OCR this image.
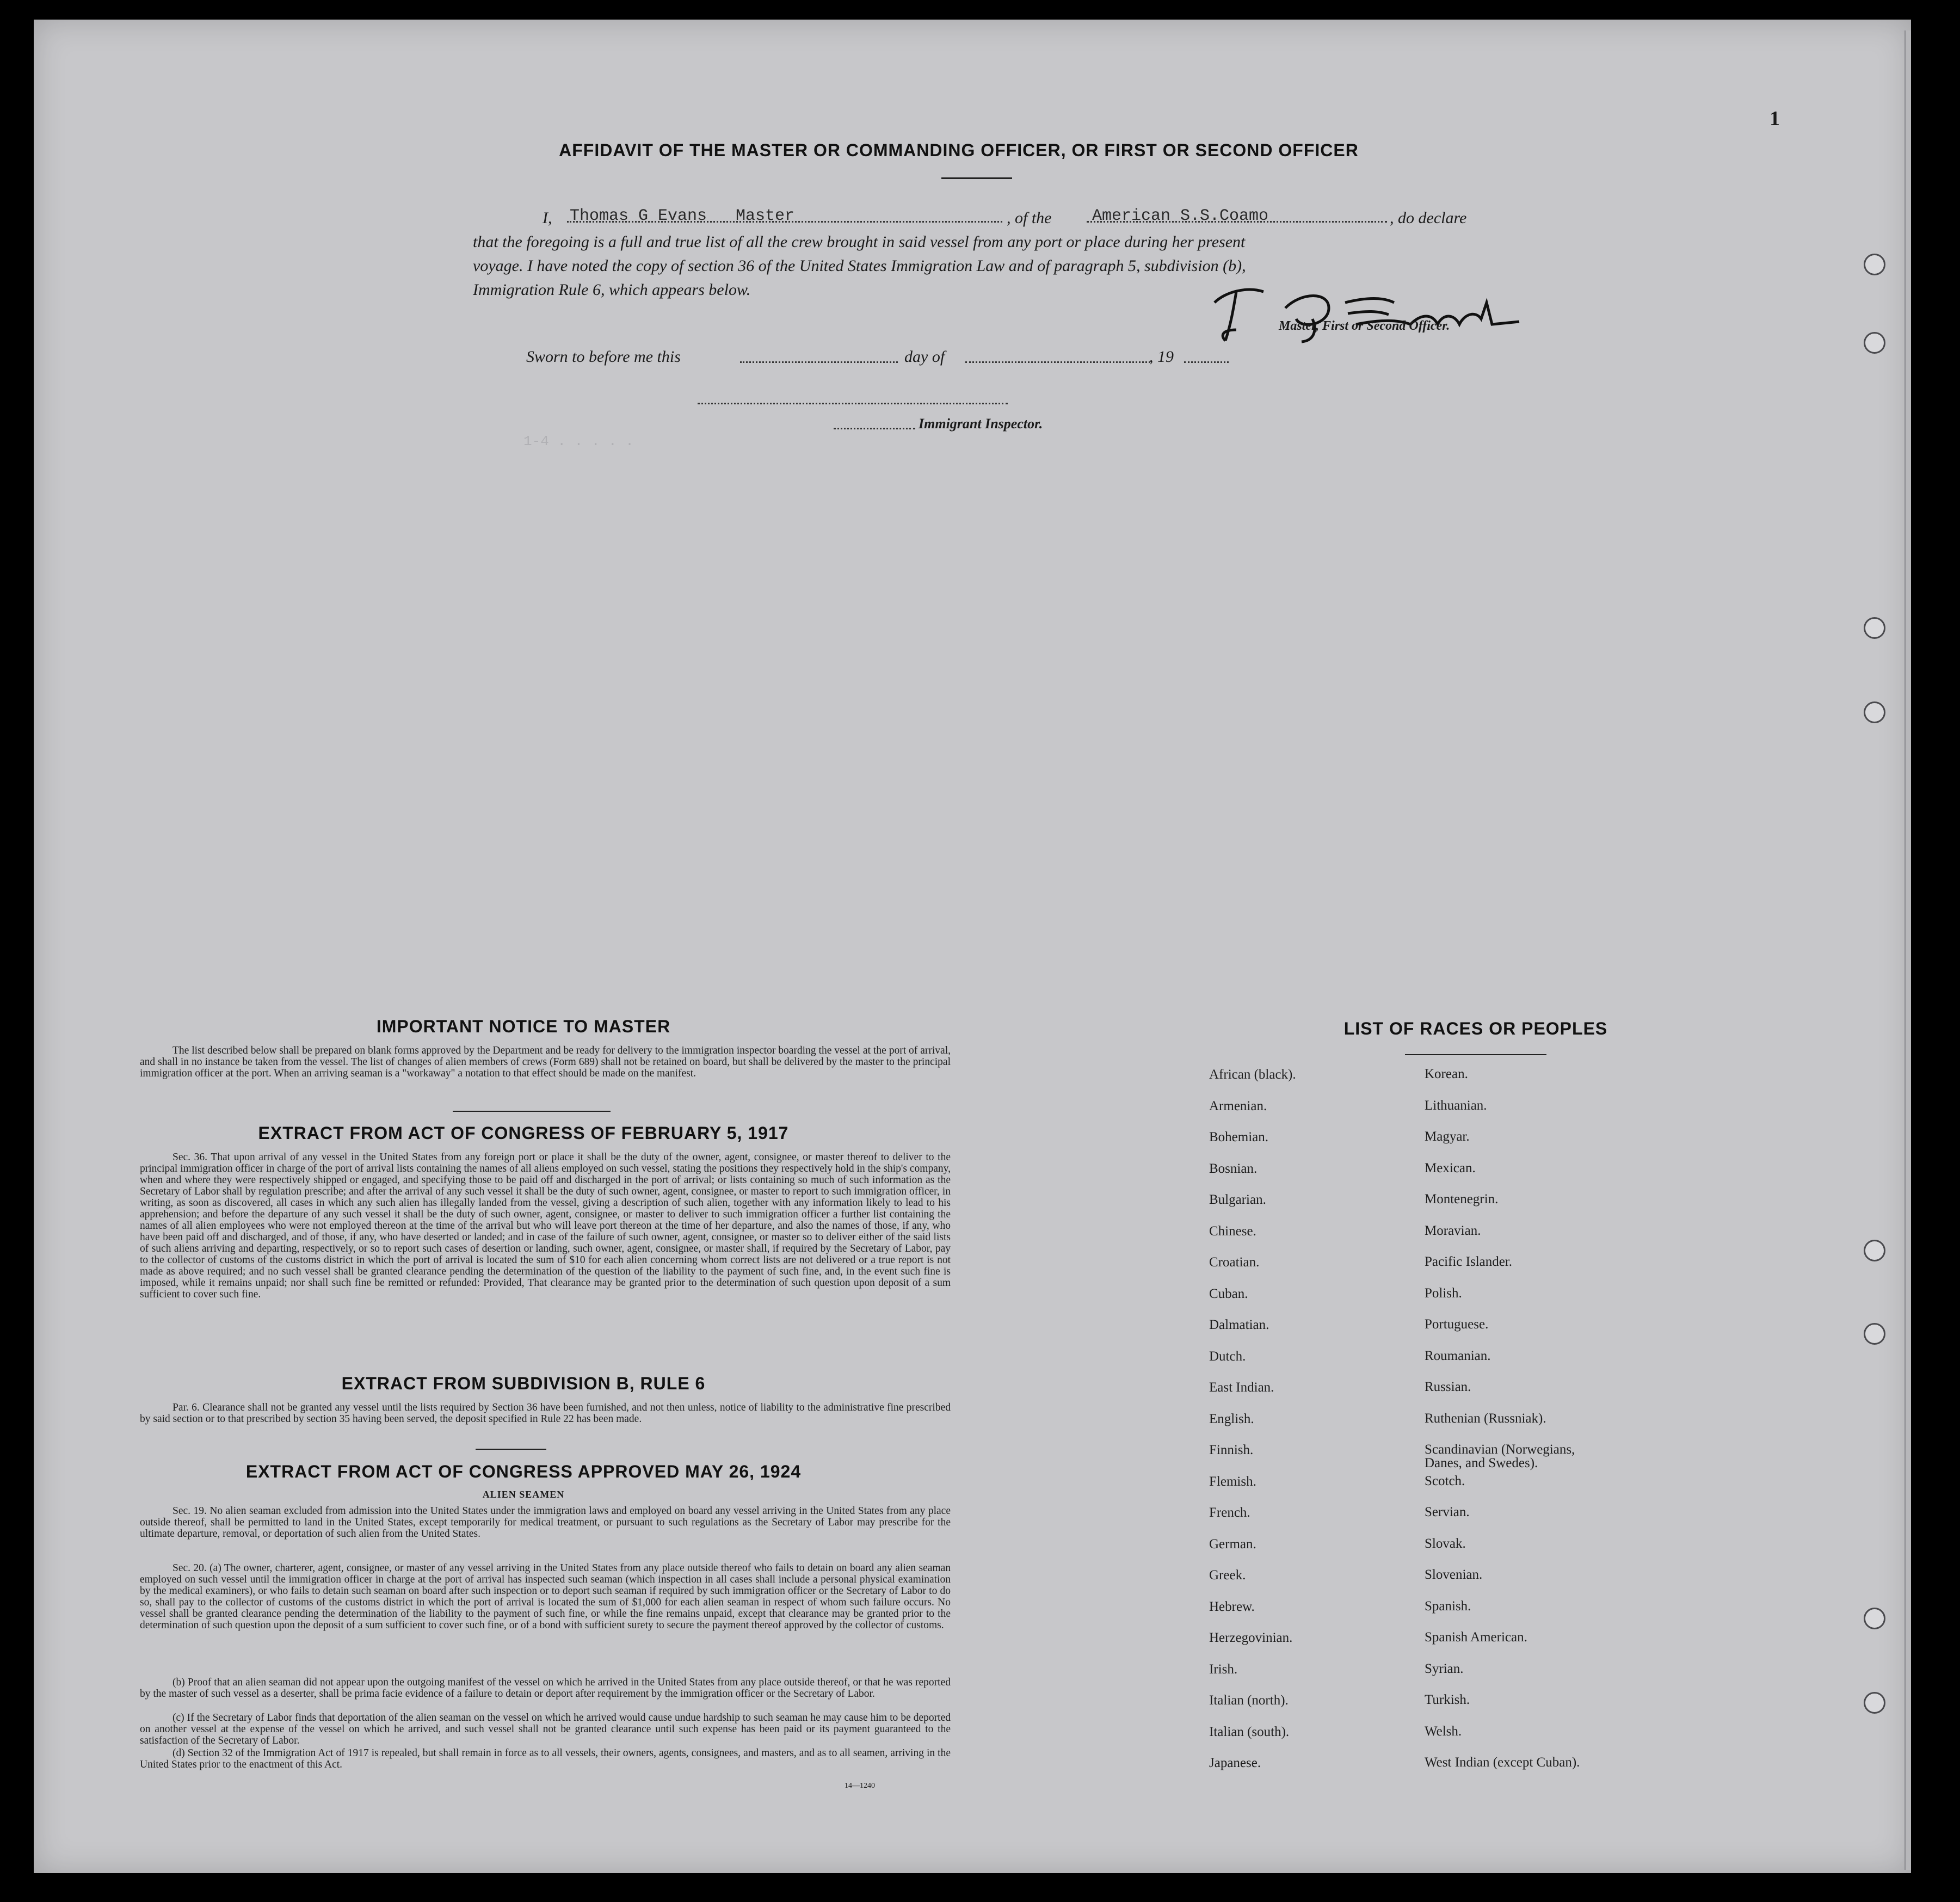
1
1-4 . . . . .
AFFIDAVIT OF THE MASTER OR COMMANDING OFFICER, OR FIRST OR SECOND OFFICER
I, Thomas G Evans Master	, of the American S.S.Coamo	, do declare
that the foregoing is a full and true list of all the crew brought in said vessel from any port or place during her present
voyage. I have noted the copy of section 36 of the United States Immigration Law and of paragraph 5, subdivision (b),
Immigration Rule 6, which appears below.
Master, First or Second Officer.
Sworn to before me this	day of	, 19
Immigrant Inspector.
IMPORTANT NOTICE TO MASTER
The list described below shall be prepared on blank forms approved by the Department and be ready for delivery to the immigration inspector boarding the vessel at the port of arrival, and shall in no instance be taken from the vessel. The list of changes of alien members of crews (Form 689) shall not be retained on board, but shall be delivered by the master to the principal immigration officer at the port. When an arriving seaman is a "workaway" a notation to that effect should be made on the manifest.
EXTRACT FROM ACT OF CONGRESS OF FEBRUARY 5, 1917
Sec. 36. That upon arrival of any vessel in the United States from any foreign port or place it shall be the duty of the owner, agent, consignee, or master thereof to deliver to the principal immigration officer in charge of the port of arrival lists containing the names of all aliens employed on such vessel, stating the positions they respectively hold in the ship's company, when and where they were respectively shipped or engaged, and specifying those to be paid off and discharged in the port of arrival; or lists containing so much of such information as the Secretary of Labor shall by regulation prescribe; and after the arrival of any such vessel it shall be the duty of such owner, agent, consignee, or master to report to such immigration officer, in writing, as soon as discovered, all cases in which any such alien has illegally landed from the vessel, giving a description of such alien, together with any information likely to lead to his apprehension; and before the departure of any such vessel it shall be the duty of such owner, agent, consignee, or master to deliver to such immigration officer a further list containing the names of all alien employees who were not employed thereon at the time of the arrival but who will leave port thereon at the time of her departure, and also the names of those, if any, who have been paid off and discharged, and of those, if any, who have deserted or landed; and in case of the failure of such owner, agent, consignee, or master so to deliver either of the said lists of such aliens arriving and departing, respectively, or so to report such cases of desertion or landing, such owner, agent, consignee, or master shall, if required by the Secretary of Labor, pay to the collector of customs of the customs district in which the port of arrival is located the sum of $10 for each alien concerning whom correct lists are not delivered or a true report is not made as above required; and no such vessel shall be granted clearance pending the determination of the question of the liability to the payment of such fine, and, in the event such fine is imposed, while it remains unpaid; nor shall such fine be remitted or refunded: Provided, That clearance may be granted prior to the determination of such question upon deposit of a sum sufficient to cover such fine.
EXTRACT FROM SUBDIVISION B, RULE 6
Par. 6. Clearance shall not be granted any vessel until the lists required by Section 36 have been furnished, and not then unless, notice of liability to the administrative fine prescribed by said section or to that prescribed by section 35 having been served, the deposit specified in Rule 22 has been made.
EXTRACT FROM ACT OF CONGRESS APPROVED MAY 26, 1924
ALIEN SEAMEN
Sec. 19. No alien seaman excluded from admission into the United States under the immigration laws and employed on board any vessel arriving in the United States from any place outside thereof, shall be permitted to land in the United States, except temporarily for medical treatment, or pursuant to such regulations as the Secretary of Labor may prescribe for the ultimate departure, removal, or deportation of such alien from the United States.
Sec. 20. (a) The owner, charterer, agent, consignee, or master of any vessel arriving in the United States from any place outside thereof who fails to detain on board any alien seaman employed on such vessel until the immigration officer in charge at the port of arrival has inspected such seaman (which inspection in all cases shall include a personal physical examination by the medical examiners), or who fails to detain such seaman on board after such inspection or to deport such seaman if required by such immigration officer or the Secretary of Labor to do so, shall pay to the collector of customs of the customs district in which the port of arrival is located the sum of $1,000 for each alien seaman in respect of whom such failure occurs. No vessel shall be granted clearance pending the determination of the liability to the payment of such fine, or while the fine remains unpaid, except that clearance may be granted prior to the determination of such question upon the deposit of a sum sufficient to cover such fine, or of a bond with sufficient surety to secure the payment thereof approved by the collector of customs.
(b) Proof that an alien seaman did not appear upon the outgoing manifest of the vessel on which he arrived in the United States from any place outside thereof, or that he was reported by the master of such vessel as a deserter, shall be prima facie evidence of a failure to detain or deport after requirement by the immigration officer or the Secretary of Labor.
(c) If the Secretary of Labor finds that deportation of the alien seaman on the vessel on which he arrived would cause undue hardship to such seaman he may cause him to be deported on another vessel at the expense of the vessel on which he arrived, and such vessel shall not be granted clearance until such expense has been paid or its payment guaranteed to the satisfaction of the Secretary of Labor.
(d) Section 32 of the Immigration Act of 1917 is repealed, but shall remain in force as to all vessels, their owners, agents, consignees, and masters, and as to all seamen, arriving in the United States prior to the enactment of this Act.
14—1240
LIST OF RACES OR PEOPLES
African (black).
Armenian.
Bohemian.
Bosnian.
Bulgarian.
Chinese.
Croatian.
Cuban.
Dalmatian.
Dutch.
East Indian.
English.
Finnish.
Flemish.
French.
German.
Greek.
Hebrew.
Herzegovinian.
Irish.
Italian (north).
Italian (south).
Japanese.
Korean.
Lithuanian.
Magyar.
Mexican.
Montenegrin.
Moravian.
Pacific Islander.
Polish.
Portuguese.
Roumanian.
Russian.
Ruthenian (Russniak).
Scandinavian (Norwegians, Danes, and Swedes).
Scotch.
Servian.
Slovak.
Slovenian.
Spanish.
Spanish American.
Syrian.
Turkish.
Welsh.
West Indian (except Cuban).
